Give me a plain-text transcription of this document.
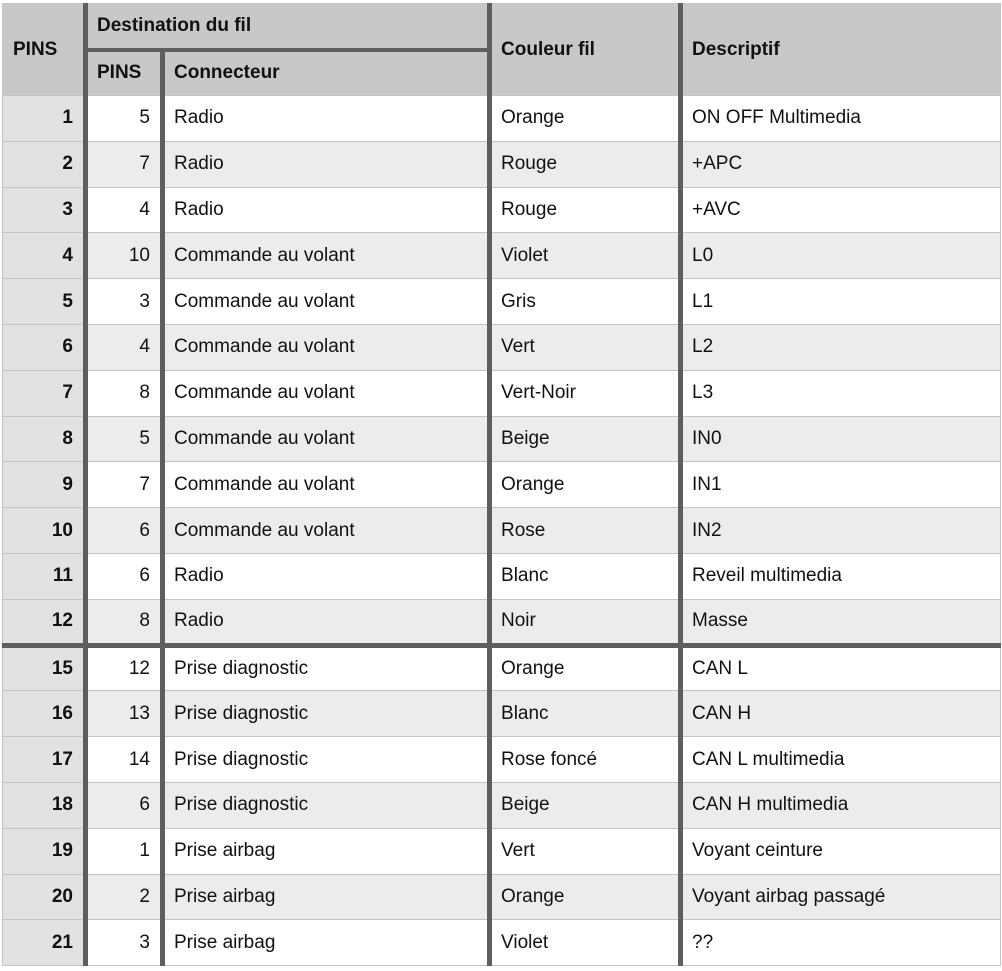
PINS	Destination du fil		Couleur fil	Descriptif
	PINS	Connecteur		
1	5	Radio	Orange	ON OFF Multimedia
2	7	Radio	Rouge	+APC
3	4	Radio	Rouge	+AVC
4	10	Commande au volant	Violet	L0
5	3	Commande au volant	Gris	L1
6	4	Commande au volant	Vert	L2
7	8	Commande au volant	Vert-Noir	L3
8	5	Commande au volant	Beige	IN0
9	7	Commande au volant	Orange	IN1
10	6	Commande au volant	Rose	IN2
11	6	Radio	Blanc	Reveil multimedia
12	8	Radio	Noir	Masse
15	12	Prise diagnostic	Orange	CAN L
16	13	Prise diagnostic	Blanc	CAN H
17	14	Prise diagnostic	Rose foncé	CAN L multimedia
18	6	Prise diagnostic	Beige	CAN H multimedia
19	1	Prise airbag	Vert	Voyant ceinture
20	2	Prise airbag	Orange	Voyant airbag passagé
21	3	Prise airbag	Violet	??
